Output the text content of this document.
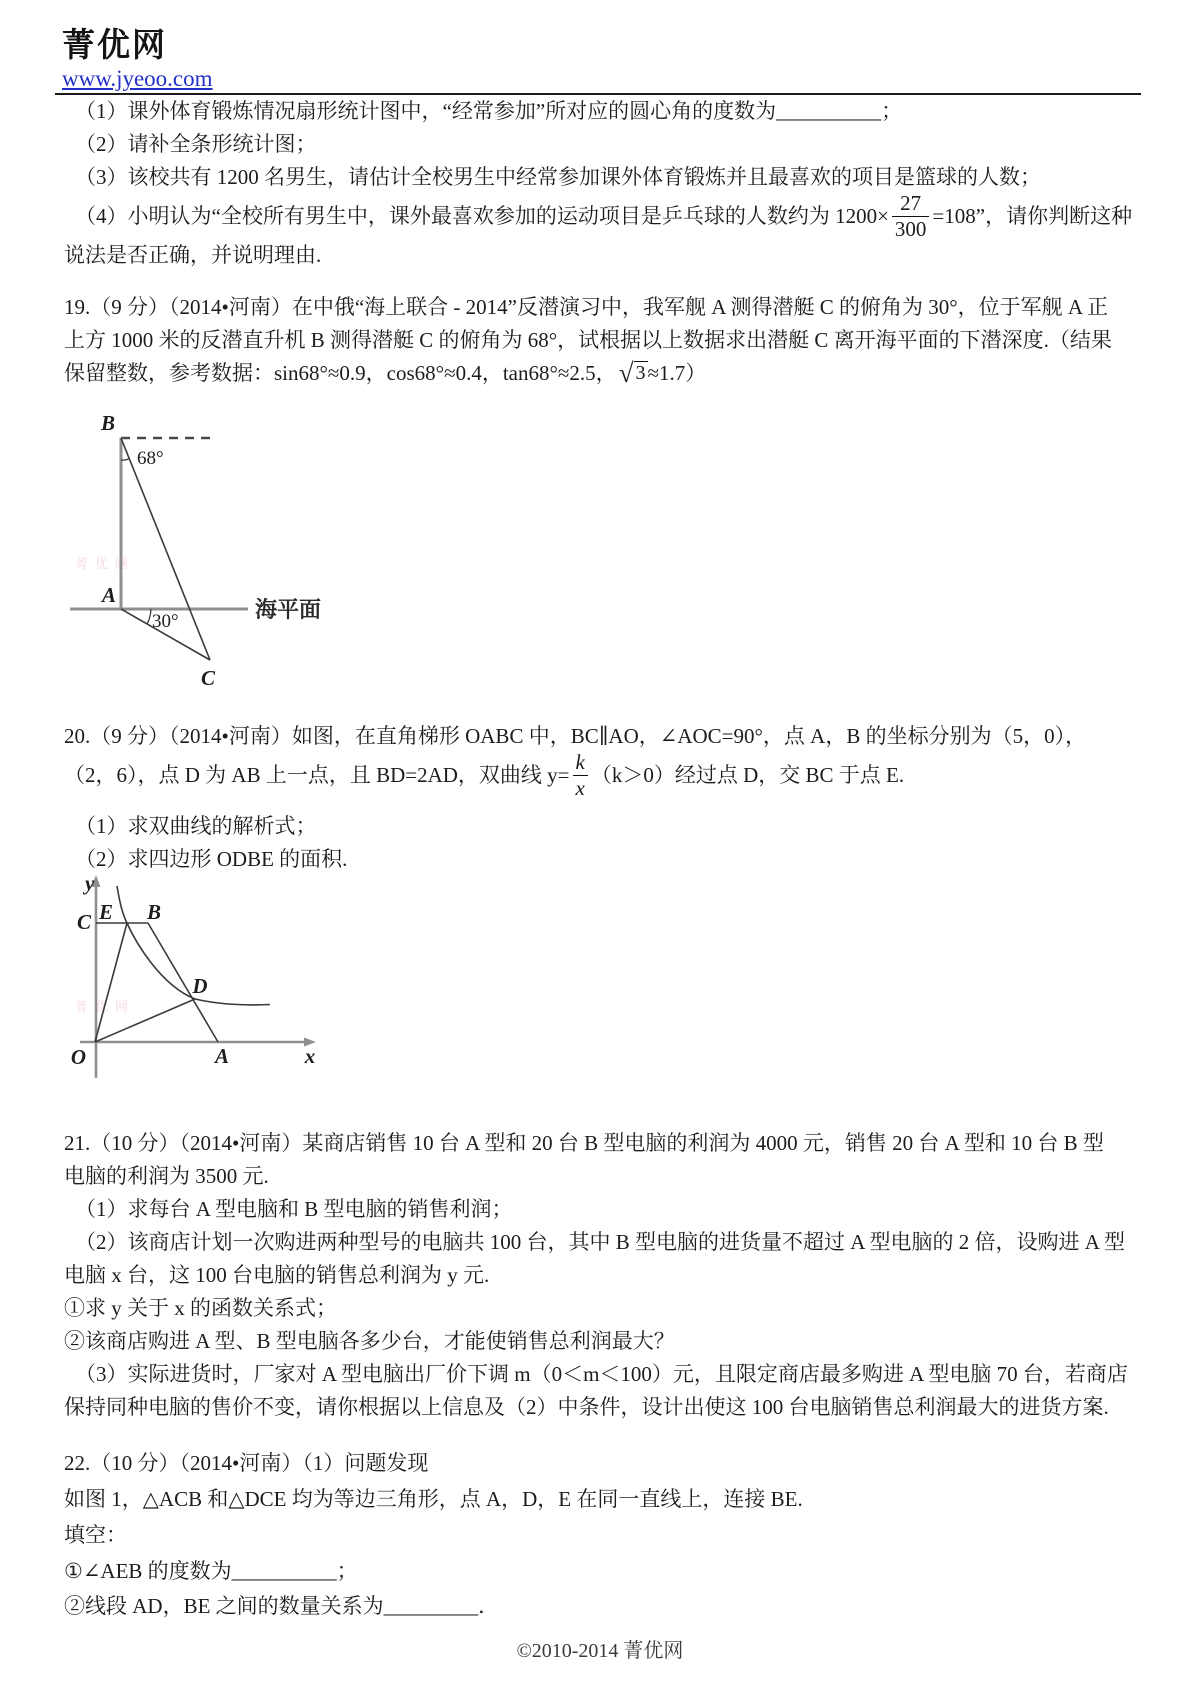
菁优网
www.jyeoo.com
（1）课外体育锻炼情况扇形统计图中，“经常参加”所对应的圆心角的度数为__________；
（2）请补全条形统计图；
（3）该校共有 1200 名男生，请估计全校男生中经常参加课外体育锻炼并且最喜欢的项目是篮球的人数；
（4）小明认为“全校所有男生中，课外最喜欢参加的运动项目是乒乓球的人数约为 $1200\times \frac{27}{300} =108$”，请你判断这种
说法是否正确，并说明理由.
19.（9 分）（2014•河南）在中俄“海上联合 - 2014”反潜演习中，我军舰 A 测得潜艇 C 的俯角为 30°，位于军舰 A 正
上方 1000 米的反潜直升机 B 测得潜艇 C 的俯角为 68°，试根据以上数据求出潜艇 C 离开海平面的下潜深度.（结果
保留整数，参考数据：sin68°≈0.9，cos68°≈0.4，tan68°≈2.5， √ 3 ≈1.7）
菁优网
B
68°
A
30°
C
海平面
20.（9 分）（2014•河南）如图，在直角梯形 OABC 中，BC∥AO，∠AOC=90°，点 A，B 的坐标分别为（5，0），
（2，6），点 D 为 AB 上一点，且 BD=2AD，双曲线 $y= \frac{k}{x} (k>0)$经过点 D，交 BC 于点 E.
（1）求双曲线的解析式；
（2）求四边形 ODBE 的面积.
菁优网
y
C E B
D
O	A	x
21.（10 分）（2014•河南）某商店销售 10 台 A 型和 20 台 B 型电脑的利润为 4000 元，销售 20 台 A 型和 10 台 B 型
电脑的利润为 3500 元.
（1）求每台 A 型电脑和 B 型电脑的销售利润；
（2）该商店计划一次购进两种型号的电脑共 100 台，其中 B 型电脑的进货量不超过 A 型电脑的 2 倍，设购进 A 型
电脑 x 台，这 100 台电脑的销售总利润为 y 元.
①求 y 关于 x 的函数关系式；
②该商店购进 A 型、B 型电脑各多少台，才能使销售总利润最大？
（3）实际进货时，厂家对 A 型电脑出厂价下调 m（0＜m＜100）元，且限定商店最多购进 A 型电脑 70 台，若商店
保持同种电脑的售价不变，请你根据以上信息及（2）中条件，设计出使这 100 台电脑销售总利润最大的进货方案.
22.（10 分）（2014•河南）（1）问题发现
如图 1，△ACB 和△DCE 均为等边三角形，点 A，D，E 在同一直线上，连接 BE.
填空：
①∠AEB 的度数为__________；
②线段 AD，BE 之间的数量关系为_________．
©2010-2014 菁优网
